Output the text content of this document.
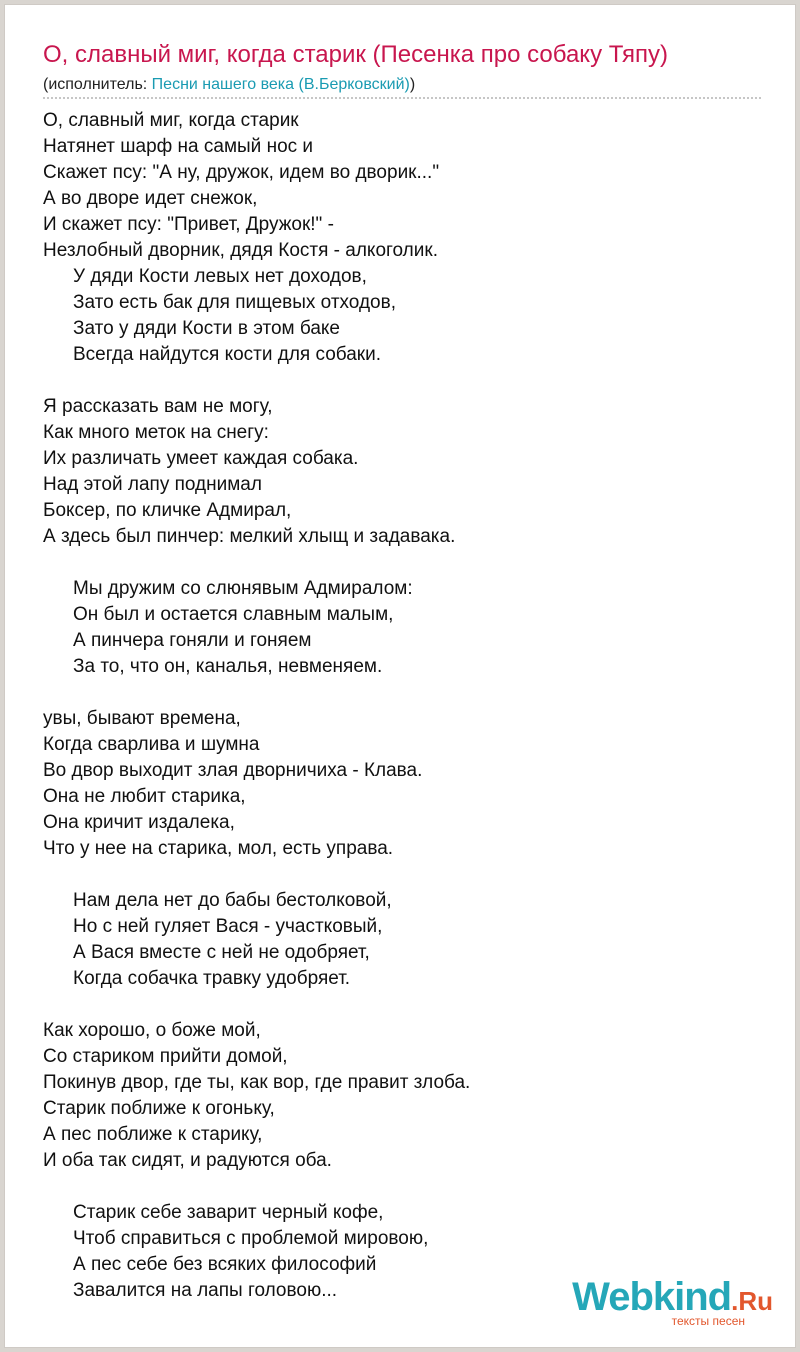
О, славный миг, когда старик (Песенка про собаку Тяпу)
(исполнитель: Песни нашего века (В.Берковский))
О, славный миг, когда старик
Натянет шарф на самый нос и
Скажет псу: "А ну, дружок, идем во дворик..."
А во дворе идет снежок,
И скажет псу: "Привет, Дружок!" -
Незлобный дворник, дядя Костя - алкоголик.
У дяди Кости левых нет доходов,
Зато есть бак для пищевых отходов,
Зато у дяди Кости в этом баке
Всегда найдутся кости для собаки.
Я рассказать вам не могу,
Как много меток на снегу:
Их различать умеет каждая собака.
Над этой лапу поднимал
Боксер, по кличке Адмирал,
А здесь был пинчер: мелкий хлыщ и задавака.
Мы дружим со слюнявым Адмиралом:
Он был и остается славным малым,
А пинчера гоняли и гоняем
За то, что он, каналья, невменяем.
увы, бывают времена,
Когда сварлива и шумна
Во двор выходит злая дворничиха - Клава.
Она не любит старика,
Она кричит издалека,
Что у нее на старика, мол, есть управа.
Нам дела нет до бабы бестолковой,
Но с ней гуляет Вася - участковый,
А Вася вместе с ней не одобряет,
Когда собачка травку удобряет.
Как хорошо, о боже мой,
Со стариком прийти домой,
Покинув двор, где ты, как вор, где правит злоба.
Старик поближе к огоньку,
А пес поближе к старику,
И оба так сидят, и радуются оба.
Старик себе заварит черный кофе,
Чтоб справиться с проблемой мировою,
А пес себе без всяких философий
Завалится на лапы головою...	Webkind.Ru
тексты песен
